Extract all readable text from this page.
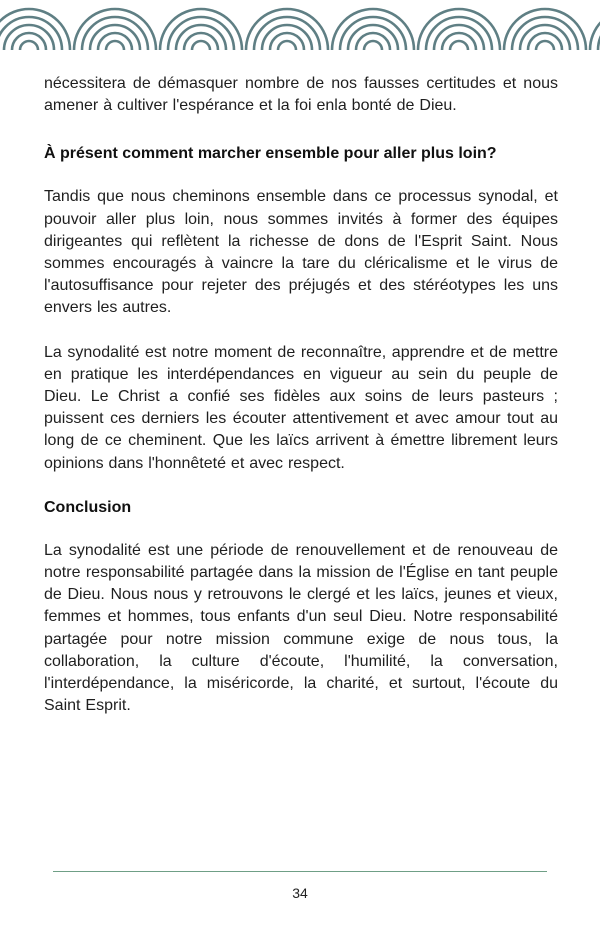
nécessitera de démasquer nombre de nos fausses certitudes et nous amener à cultiver l'espérance et la foi enla bonté de Dieu.

À présent comment marcher ensemble pour aller plus loin?

Tandis que nous cheminons ensemble dans ce processus synodal, et pouvoir aller plus loin, nous sommes invités à former des équipes dirigeantes qui reflètent la richesse de dons de l'Esprit Saint. Nous sommes encouragés à vaincre la tare du cléricalisme et le virus de l'autosuffisance pour rejeter des préjugés et des stéréotypes les uns envers les autres.

La synodalité est notre moment de reconnaître, apprendre et de mettre en pratique les interdépendances en vigueur au sein du peuple de Dieu. Le Christ a confié ses fidèles aux soins de leurs pasteurs ; puissent ces derniers les écouter attentivement et avec amour tout au long de ce cheminent. Que les laïcs arrivent à émettre librement leurs opinions dans l'honnêteté et avec respect.

Conclusion

La synodalité est une période de renouvellement et de renouveau de notre responsabilité partagée dans la mission de l'Église en tant peuple de Dieu. Nous nous y retrouvons le clergé et les laïcs, jeunes et vieux, femmes et hommes, tous enfants d'un seul Dieu. Notre responsabilité partagée pour notre mission commune exige de nous tous, la collaboration, la culture d'écoute, l'humilité, la conversation, l'interdépendance, la miséricorde, la charité, et surtout, l'écoute du Saint Esprit.

34
